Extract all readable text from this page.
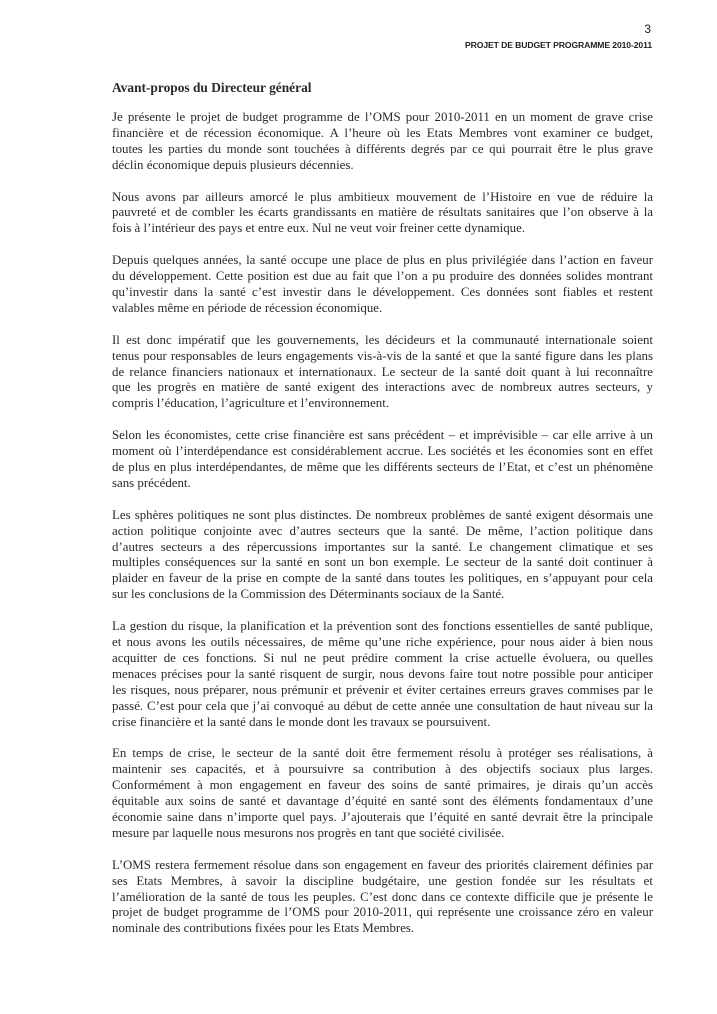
3
PROJET DE BUDGET PROGRAMME 2010-2011
Avant-propos du Directeur général
Je présente le projet de budget programme de l’OMS pour 2010-2011 en un moment de grave crise
financière et de récession économique. A l’heure où les Etats Membres vont examiner ce budget,
toutes les parties du monde sont touchées à différents degrés par ce qui pourrait être le plus grave
déclin économique depuis plusieurs décennies.
Nous avons par ailleurs amorcé le plus ambitieux mouvement de l’Histoire en vue de réduire la
pauvreté et de combler les écarts grandissants en matière de résultats sanitaires que l’on observe à la
fois à l’intérieur des pays et entre eux. Nul ne veut voir freiner cette dynamique.
Depuis quelques années, la santé occupe une place de plus en plus privilégiée dans l’action en faveur
du développement. Cette position est due au fait que l’on a pu produire des données solides montrant
qu’investir dans la santé c’est investir dans le développement. Ces données sont fiables et restent
valables même en période de récession économique.
Il est donc impératif que les gouvernements, les décideurs et la communauté internationale soient
tenus pour responsables de leurs engagements vis-à-vis de la santé et que la santé figure dans les plans
de relance financiers nationaux et internationaux. Le secteur de la santé doit quant à lui reconnaître
que les progrès en matière de santé exigent des interactions avec de nombreux autres secteurs, y
compris l’éducation, l’agriculture et l’environnement.
Selon les économistes, cette crise financière est sans précédent – et imprévisible – car elle arrive à un
moment où l’interdépendance est considérablement accrue. Les sociétés et les économies sont en effet
de plus en plus interdépendantes, de même que les différents secteurs de l’Etat, et c’est un phénomène
sans précédent.
Les sphères politiques ne sont plus distinctes. De nombreux problèmes de santé exigent désormais une
action politique conjointe avec d’autres secteurs que la santé. De même, l’action politique dans
d’autres secteurs a des répercussions importantes sur la santé. Le changement climatique et ses
multiples conséquences sur la santé en sont un bon exemple. Le secteur de la santé doit continuer à
plaider en faveur de la prise en compte de la santé dans toutes les politiques, en s’appuyant pour cela
sur les conclusions de la Commission des Déterminants sociaux de la Santé.
La gestion du risque, la planification et la prévention sont des fonctions essentielles de santé publique,
et nous avons les outils nécessaires, de même qu’une riche expérience, pour nous aider à bien nous
acquitter de ces fonctions. Si nul ne peut prédire comment la crise actuelle évoluera, ou quelles
menaces précises pour la santé risquent de surgir, nous devons faire tout notre possible pour anticiper
les risques, nous préparer, nous prémunir et prévenir et éviter certaines erreurs graves commises par le
passé. C’est pour cela que j’ai convoqué au début de cette année une consultation de haut niveau sur la
crise financière et la santé dans le monde dont les travaux se poursuivent.
En temps de crise, le secteur de la santé doit être fermement résolu à protéger ses réalisations, à
maintenir ses capacités, et à poursuivre sa contribution à des objectifs sociaux plus larges.
Conformément à mon engagement en faveur des soins de santé primaires, je dirais qu’un accès
équitable aux soins de santé et davantage d’équité en santé sont des éléments fondamentaux d’une
économie saine dans n’importe quel pays. J’ajouterais que l’équité en santé devrait être la principale
mesure par laquelle nous mesurons nos progrès en tant que société civilisée.
L’OMS restera fermement résolue dans son engagement en faveur des priorités clairement définies par
ses Etats Membres, à savoir la discipline budgétaire, une gestion fondée sur les résultats et
l’amélioration de la santé de tous les peuples. C’est donc dans ce contexte difficile que je présente le
projet de budget programme de l’OMS pour 2010-2011, qui représente une croissance zéro en valeur
nominale des contributions fixées pour les Etats Membres.
